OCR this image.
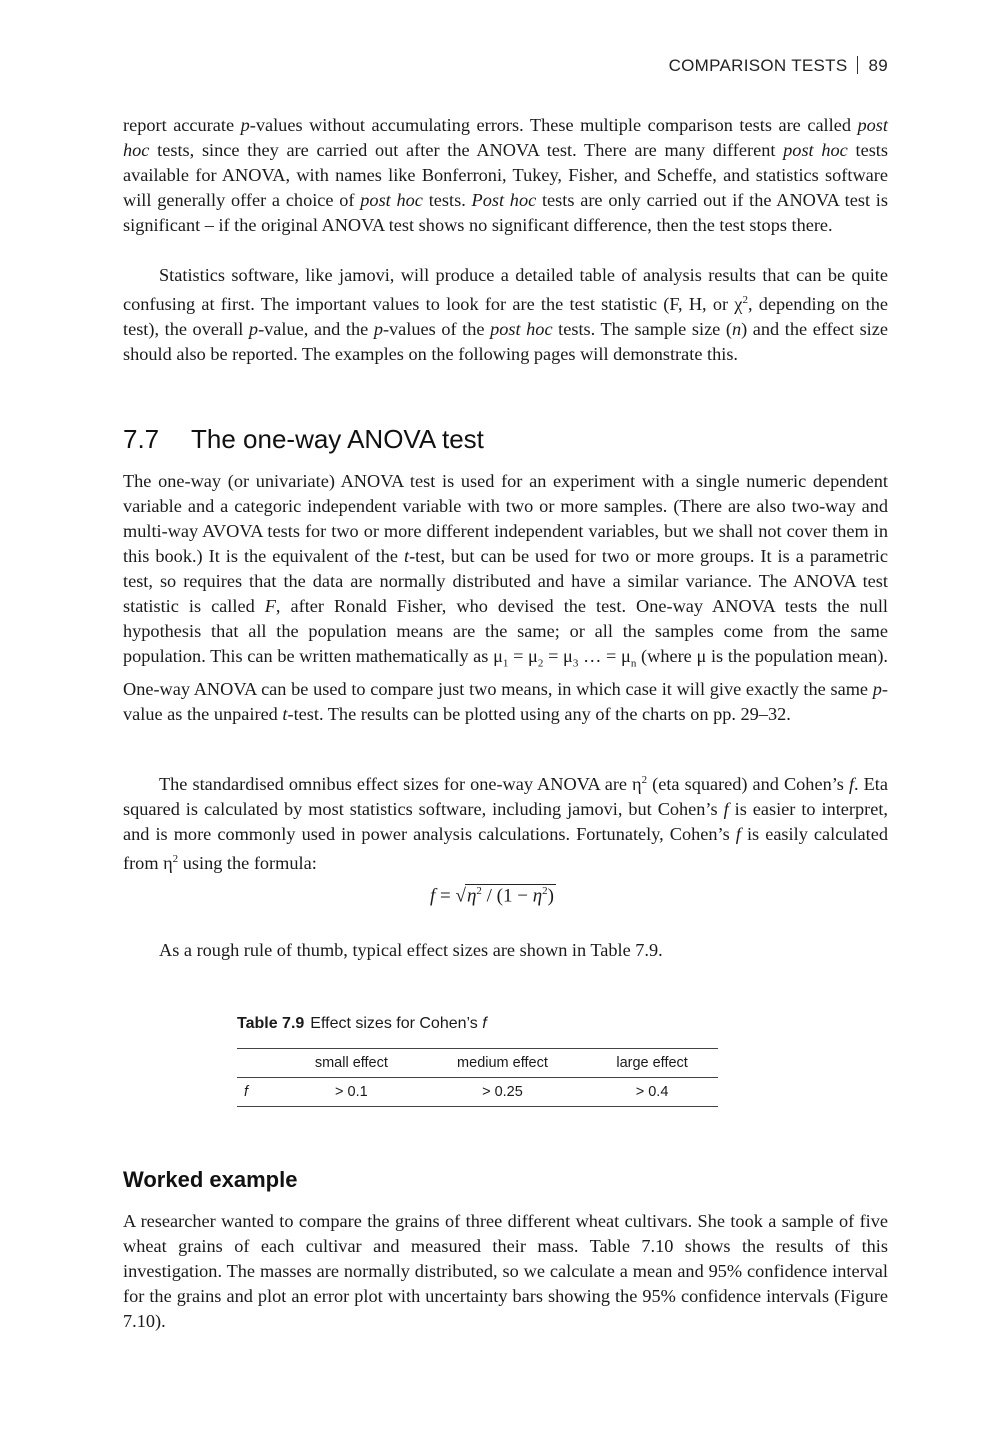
COMPARISON TESTS 89

report accurate p-values without accumulating errors. These multiple comparison tests are called post hoc tests, since they are carried out after the ANOVA test. There are many different post hoc tests available for ANOVA, with names like Bonferroni, Tukey, Fisher, and Scheffe, and statistics software will generally offer a choice of post hoc tests. Post hoc tests are only carried out if the ANOVA test is significant – if the original ANOVA test shows no significant difference, then the test stops there.

Statistics software, like jamovi, will produce a detailed table of analysis results that can be quite confusing at first. The important values to look for are the test statistic (F, H, or $\chi^2$, depending on the test), the overall p-value, and the p-values of the post hoc tests. The sample size (n) and the effect size should also be reported. The examples on the following pages will demonstrate this.

7.7 The one-way ANOVA test

The one-way (or univariate) ANOVA test is used for an experiment with a single numeric dependent variable and a categoric independent variable with two or more samples. (There are also two-way and multi-way AVOVA tests for two or more different independent variables, but we shall not cover them in this book.) It is the equivalent of the t-test, but can be used for two or more groups. It is a parametric test, so requires that the data are normally distributed and have a similar variance. The ANOVA test statistic is called F, after Ronald Fisher, who devised the test. One-way ANOVA tests the null hypothesis that all the population means are the same; or all the samples come from the same population. This can be written mathematically as $\mu_1 = \mu_2 = \mu_3$ … = $\mu_n$ (where μ is the population mean). One-way ANOVA can be used to compare just two means, in which case it will give exactly the same p-value as the unpaired t-test. The results can be plotted using any of the charts on pp. 29–32.

The standardised omnibus effect sizes for one-way ANOVA are $\eta^2$ (eta squared) and Cohen’s f. Eta squared is calculated by most statistics software, including jamovi, but Cohen’s f is easier to interpret, and is more commonly used in power analysis calculations. Fortunately, Cohen’s f is easily calculated from $\eta^2$ using the formula:

$f = √\eta^2 / (1 - \eta^2)$

As a rough rule of thumb, typical effect sizes are shown in Table 7.9.

Table 7.9 Effect sizes for Cohen’s f
	small effect	medium effect	large effect
f	> 0.1	> 0.25	> 0.4
Worked example

A researcher wanted to compare the grains of three different wheat cultivars. She took a sample of five wheat grains of each cultivar and measured their mass. Table 7.10 shows the results of this investigation. The masses are normally distributed, so we calculate a mean and 95% confidence interval for the grains and plot an error plot with uncertainty bars showing the 95% confidence intervals (Figure 7.10).
